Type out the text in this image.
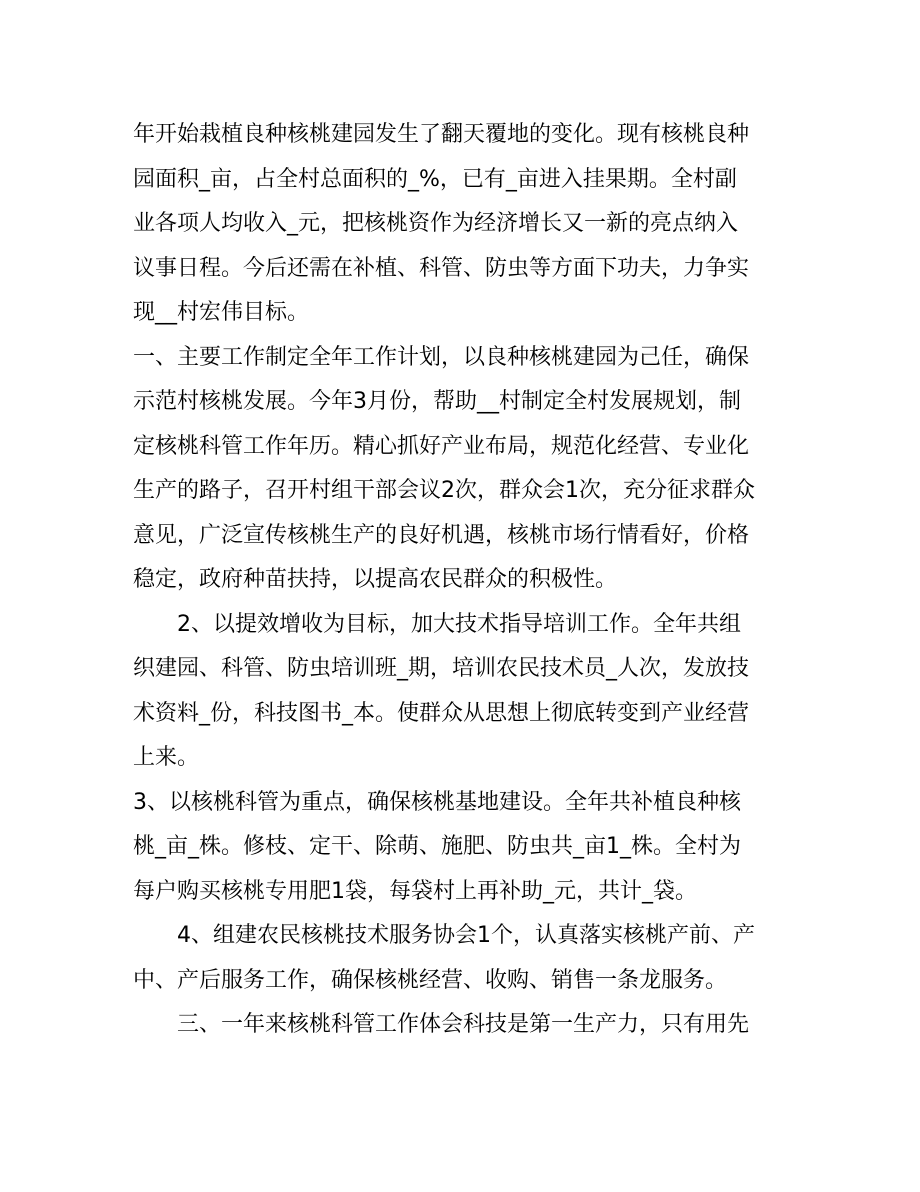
年开始栽植良种核桃建园发生了翻天覆地的变化。现有核桃良种
园面积_亩，占全村总面积的_%，已有_亩进入挂果期。全村副
业各项人均收入_元，把核桃资作为经济增长又一新的亮点纳入
议事日程。今后还需在补植、科管、防虫等方面下功夫，力争实
现__村宏伟目标。
一、主要工作制定全年工作计划，以良种核桃建园为己任，确保
示范村核桃发展。今年3月份，帮助__村制定全村发展规划，制
定核桃科管工作年历。精心抓好产业布局，规范化经营、专业化
生产的路子，召开村组干部会议2次，群众会1次，充分征求群众
意见，广泛宣传核桃生产的良好机遇，核桃市场行情看好，价格
稳定，政府种苗扶持，以提高农民群众的积极性。
2、以提效增收为目标，加大技术指导培训工作。全年共组
织建园、科管、防虫培训班_期，培训农民技术员_人次，发放技
术资料_份，科技图书_本。使群众从思想上彻底转变到产业经营
上来。
3、以核桃科管为重点，确保核桃基地建设。全年共补植良种核
桃_亩_株。修枝、定干、除萌、施肥、防虫共_亩1_株。全村为
每户购买核桃专用肥1袋，每袋村上再补助_元，共计_袋。
4、组建农民核桃技术服务协会1个，认真落实核桃产前、产
中、产后服务工作，确保核桃经营、收购、销售一条龙服务。
三、一年来核桃科管工作体会科技是第一生产力，只有用先
